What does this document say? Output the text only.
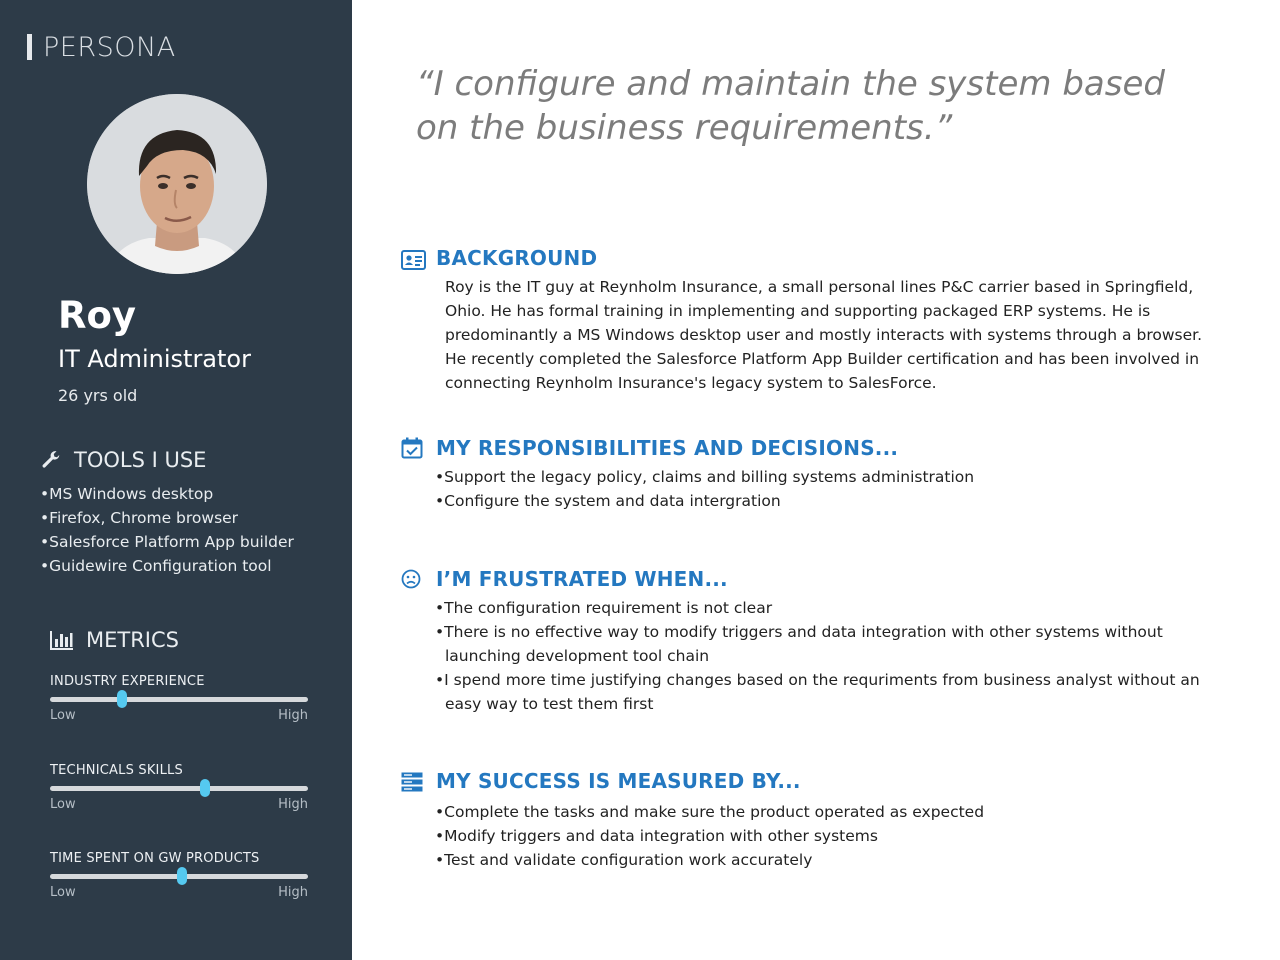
PERSONA
Roy
IT Administrator
26 yrs old
TOOLS I USE
• MS Windows desktop
• Firefox, Chrome browser
• Salesforce Platform App builder
• Guidewire Configuration tool
METRICS
INDUSTRY EXPERIENCE
Low	High
TECHNICALS SKILLS
Low	High
TIME SPENT ON GW PRODUCTS
Low	High

“I configure and maintain the system based on the business requirements.”

BACKGROUND

Roy is the IT guy at Reynholm Insurance, a small personal lines P&C carrier based in Springfield, Ohio. He has formal training in implementing and supporting packaged ERP systems. He is predominantly a MS Windows desktop user and mostly interacts with systems through a browser. He recently completed the Salesforce Platform App Builder certification and has been involved in connecting Reynholm Insurance's legacy system to SalesForce.

MY RESPONSIBILITIES AND DECISIONS...
• Support the legacy policy, claims and billing systems administration
• Configure the system and data intergration
I’M FRUSTRATED WHEN...
• The configuration requirement is not clear
• There is no effective way to modify triggers and data integration with other systems without launching development tool chain
• I spend more time justifying changes based on the requriments from business analyst without an easy way to test them first
MY SUCCESS IS MEASURED BY...
• Complete the tasks and make sure the product operated as expected
• Modify triggers and data integration with other systems
• Test and validate configuration work accurately
